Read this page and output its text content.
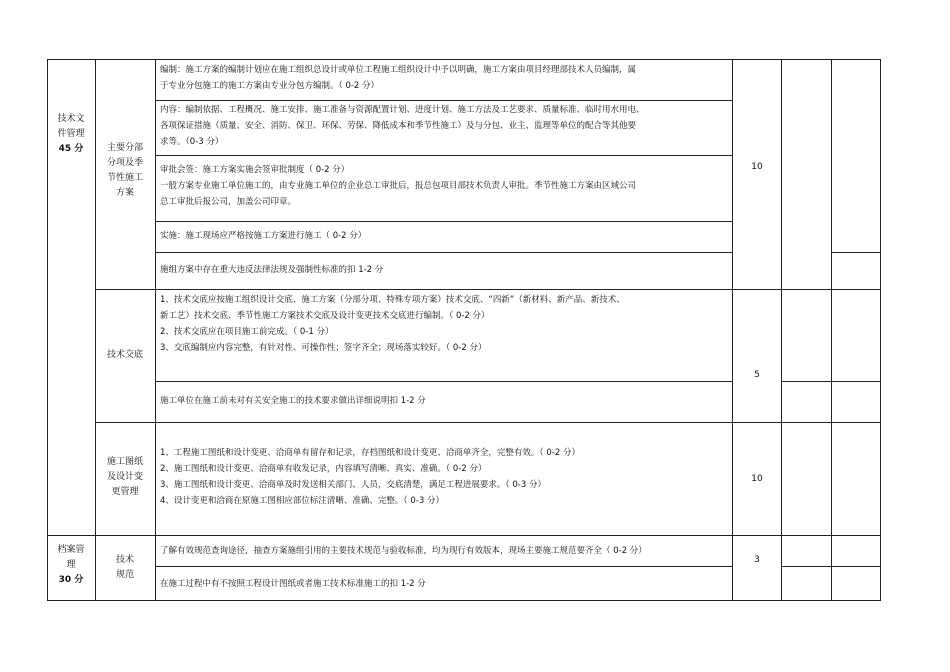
技术文
件管理
45 分
档案管
理
30 分
主要分部
分项及季
节性施工
方案
技术交底
施工图纸
及设计变
更管理
技术
规范
编制：施工方案的编制计划应在施工组织总设计或单位工程施工组织设计中予以明确，施工方案由项目经理部技术人员编制，属
于专业分包施工的施工方案由专业分包方编制。（ 0-2 分）
内容：编制依据、工程概况、施工安排、施工准备与资源配置计划、进度计划、施工方法及工艺要求、质量标准、临时用水用电、
各项保证措施（质量、安全、消防、保卫、环保、劳保、降低成本和季节性施工）及与分包、业主、监理等单位的配合等其他要
求等。（0-3 分）
审批会签：施工方案实施会签审批制度（ 0-2 分）
一般方案专业施工单位施工的，由专业施工单位的企业总工审批后，报总包项目部技术负责人审批。季节性施工方案由区域公司
总工审批后报公司，加盖公司印章。
实施：施工现场应严格按施工方案进行施工（ 0-2 分）
施组方案中存在重大违反法律法规及强制性标准的扣 1-2 分
1、技术交底应按施工组织设计交底、施工方案（分部分项、特殊专项方案）技术交底、“四新”（新材料、新产品、新技术、
新工艺）技术交底、季节性施工方案技术交底及设计变更技术交底进行编制。（ 0-2 分）
2、技术交底应在项目施工前完成。（ 0-1 分）
3、交底编制应内容完整，有针对性、可操作性；签字齐全；现场落实较好。（ 0-2 分）
施工单位在施工前未对有关安全施工的技术要求做出详细说明扣 1-2 分
1、工程施工图纸和设计变更、洽商单有留存和记录，存档图纸和设计变更、洽商单齐全，完整有效。（ 0-2 分）
2、施工图纸和设计变更、洽商单有收发记录，内容填写清晰、真实、准确。（ 0-2 分）
3、施工图纸和设计变更、洽商单及时发送相关部门、人员，交底清楚，满足工程进展要求。（ 0-3 分）
4、设计变更和洽商在原施工图相应部位标注清晰、准确、完整。（ 0-3 分）
了解有效规范查询途径，抽查方案施组引用的主要技术规范与验收标准，均为现行有效版本，现场主要施工规范要齐全（ 0-2 分）
在施工过程中有不按照工程设计图纸或者施工技术标准施工的扣 1-2 分
10
5
10
3
